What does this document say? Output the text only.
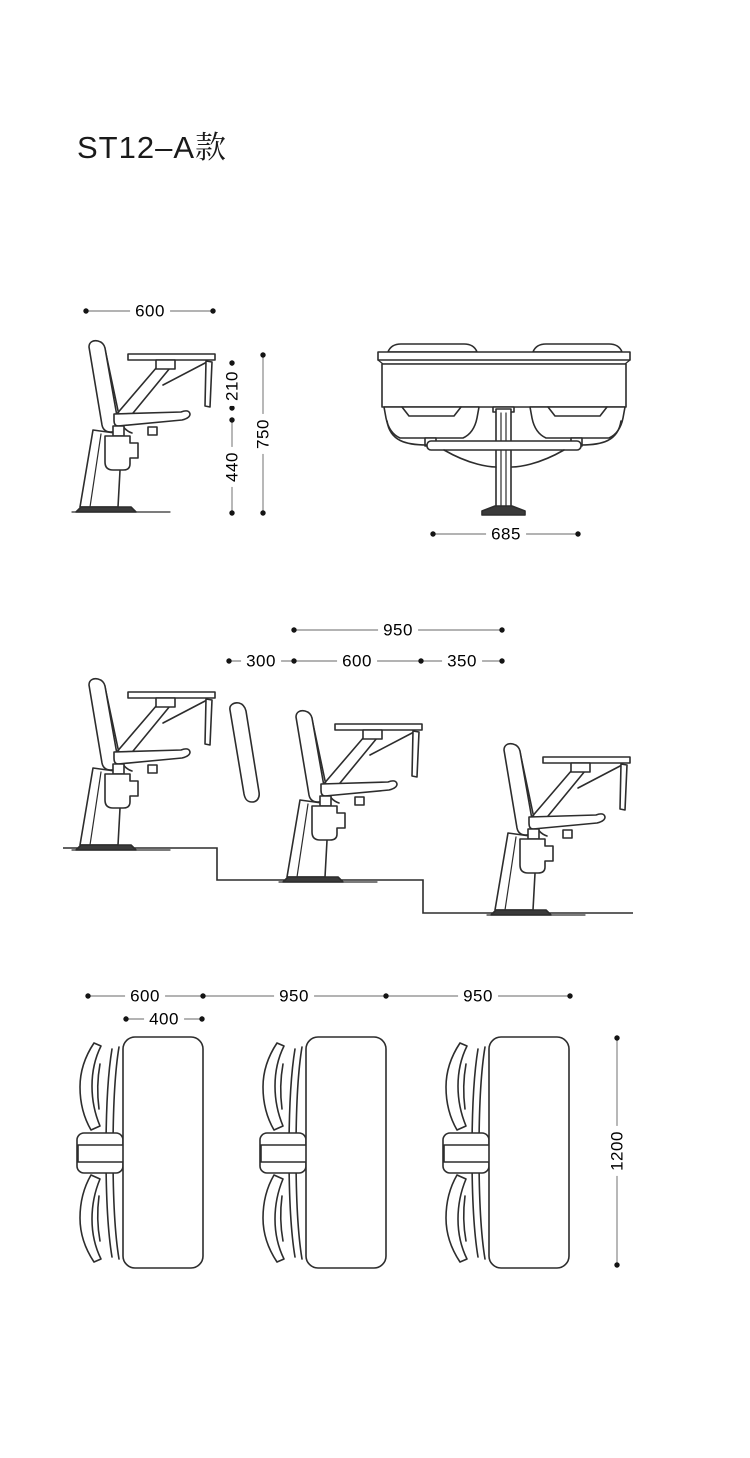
ST12–A款
600
210
440
750
685
950
300	600	350
600	950	950
400
1200
